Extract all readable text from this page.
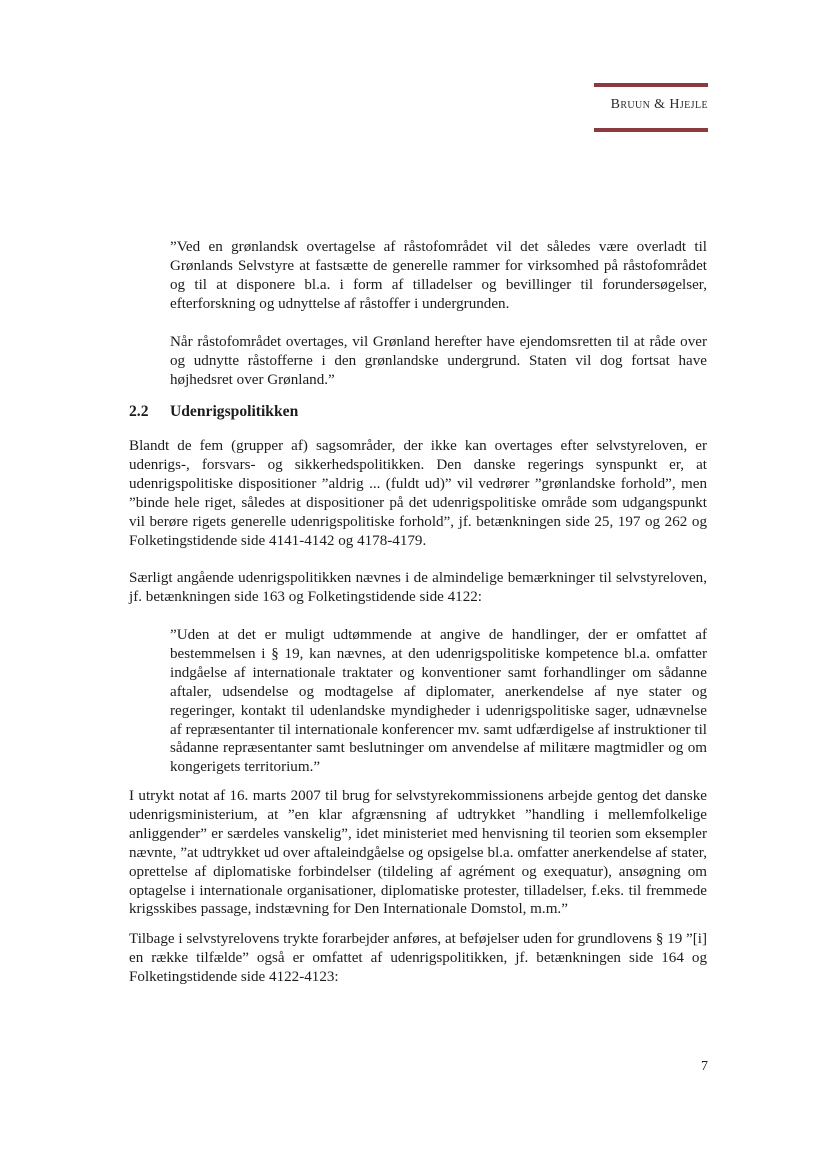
Bruun & Hjejle

”Ved en grønlandsk overtagelse af råstofområdet vil det således være overladt til Grønlands Selvstyre at fastsætte de generelle rammer for virksomhed på råstofområdet og til at disponere bl.a. i form af tilladelser og bevillinger til forundersøgelser, efterforskning og udnyttelse af råstoffer i undergrunden.

Når råstofområdet overtages, vil Grønland herefter have ejendomsretten til at råde over og udnytte råstofferne i den grønlandske undergrund. Staten vil dog fortsat have højhedsret over Grønland.”

2.2 Udenrigspolitikken

Blandt de fem (grupper af) sagsområder, der ikke kan overtages efter selvstyreloven, er udenrigs-, forsvars- og sikkerhedspolitikken. Den danske regerings synspunkt er, at udenrigspolitiske dispositioner ”aldrig ... (fuldt ud)” vil vedrører ”grønlandske forhold”, men ”binde hele riget, således at dispositioner på det udenrigspolitiske område som udgangspunkt vil berøre rigets generelle udenrigspolitiske forhold”, jf. betænkningen side 25, 197 og 262 og Folketingstidende side 4141-4142 og 4178-4179.

Særligt angående udenrigspolitikken nævnes i de almindelige bemærkninger til selvstyreloven, jf. betænkningen side 163 og Folketingstidende side 4122:

”Uden at det er muligt udtømmende at angive de handlinger, der er omfattet af bestemmelsen i § 19, kan nævnes, at den udenrigspolitiske kompetence bl.a. omfatter indgåelse af internationale traktater og konventioner samt forhandlinger om sådanne aftaler, udsendelse og modtagelse af diplomater, anerkendelse af nye stater og regeringer, kontakt til udenlandske myndigheder i udenrigspolitiske sager, udnævnelse af repræsentanter til internationale konferencer mv. samt udfærdigelse af instruktioner til sådanne repræsentanter samt beslutninger om anvendelse af militære magtmidler og om kongerigets territorium.”

I utrykt notat af 16. marts 2007 til brug for selvstyrekommissionens arbejde gentog det danske udenrigsministerium, at ”en klar afgrænsning af udtrykket ”handling i mellemfolkelige anliggender” er særdeles vanskelig”, idet ministeriet med henvisning til teorien som eksempler nævnte, ”at udtrykket ud over aftaleindgåelse og opsigelse bl.a. omfatter anerkendelse af stater, oprettelse af diplomatiske forbindelser (tildeling af agrément og exequatur), ansøgning om optagelse i internationale organisationer, diplomatiske protester, tilladelser, f.eks. til fremmede krigsskibes passage, indstævning for Den Internationale Domstol, m.m.”

Tilbage i selvstyrelovens trykte forarbejder anføres, at beføjelser uden for grundlovens § 19 ”[i] en række tilfælde” også er omfattet af udenrigspolitikken, jf. betænkningen side 164 og Folketingstidende side 4122-4123:

7
